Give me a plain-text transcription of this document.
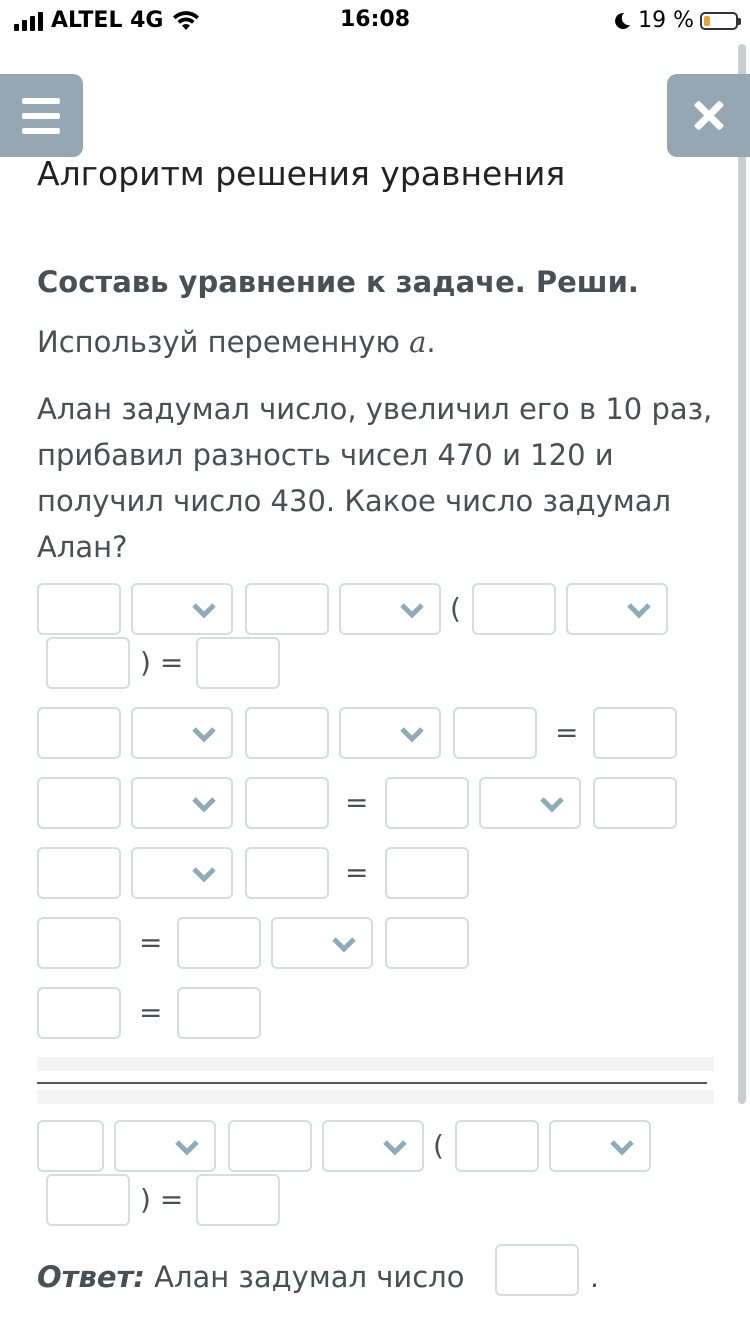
ALTEL 4G	16:08	19 %
Алгоритм решения уравнения
Составь уравнение к задаче. Реши.
Используй переменную a.
Алан задумал число, увеличил его в 10 раз, прибавил разность чисел 470 и 120 и получил число 430. Какое число задумал Алан?
(
) =
=
=
=
=
=
(
) =
Ответ: Алан задумал число	.
